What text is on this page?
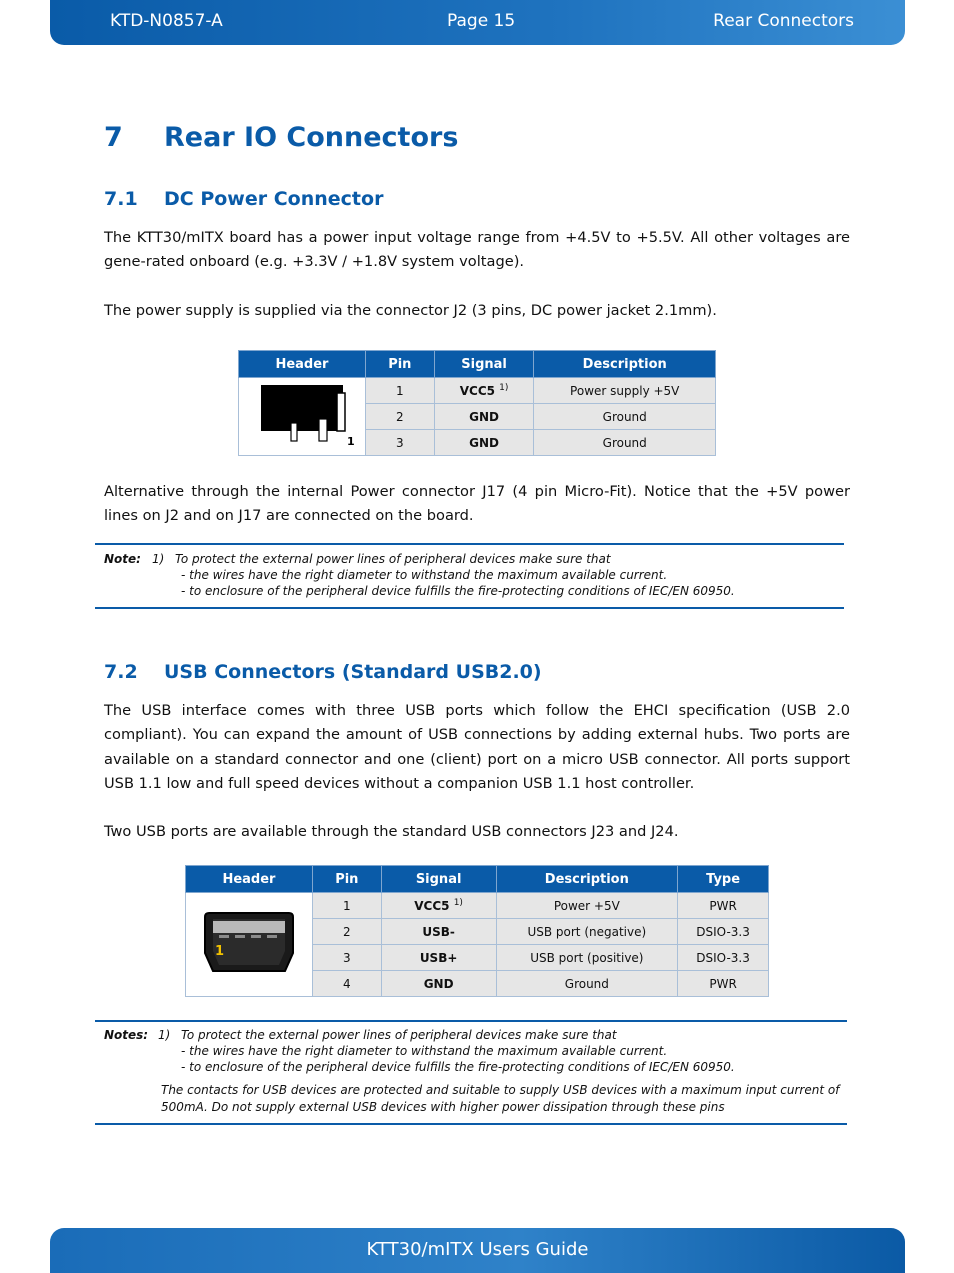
KTD-N0857-A	Page 15	Rear Connectors
7 Rear IO Connectors
7.1 DC Power Connector
The KTT30/mITX board has a power input voltage range from +4.5V to +5.5V. All other voltages are gene-rated onboard (e.g. +3.3V / +1.8V system voltage).
The power supply is supplied via the connector J2 (3 pins, DC power jacket 2.1mm).
Header	Pin	Signal	Description

1	1	VCC5 $^{1)}$	Power supply +5V
	2	GND	Ground
	3	GND	Ground
Alternative through the internal Power connector J17 (4 pin Micro-Fit). Notice that the +5V power lines on J2 and on J17 are connected on the board.
Note: 1) To protect the external power lines of peripheral devices make sure that
- the wires have the right diameter to withstand the maximum available current.
- to enclosure of the peripheral device fulfills the fire-protecting conditions of IEC/EN 60950.
7.2 USB Connectors (Standard USB2.0)
The USB interface comes with three USB ports which follow the EHCI specification (USB 2.0 compliant). You can expand the amount of USB connections by adding external hubs. Two ports are available on a standard connector and one (client) port on a micro USB connector. All ports support USB 1.1 low and full speed devices without a companion USB 1.1 host controller.
Two USB ports are available through the standard USB connectors J23 and J24.
Header	Pin	Signal	Description	Type

1	1	VCC5 $^{1)}$	Power +5V	PWR
	2	USB-	USB port (negative)	DSIO-3.3
	3	USB+	USB port (positive)	DSIO-3.3
	4	GND	Ground	PWR
Notes: 1) To protect the external power lines of peripheral devices make sure that
- the wires have the right diameter to withstand the maximum available current.
- to enclosure of the peripheral device fulfills the fire-protecting conditions of IEC/EN 60950.
The contacts for USB devices are protected and suitable to supply USB devices with a maximum input current of 500mA. Do not supply external USB devices with higher power dissipation through these pins
KTT30/mITX Users Guide
